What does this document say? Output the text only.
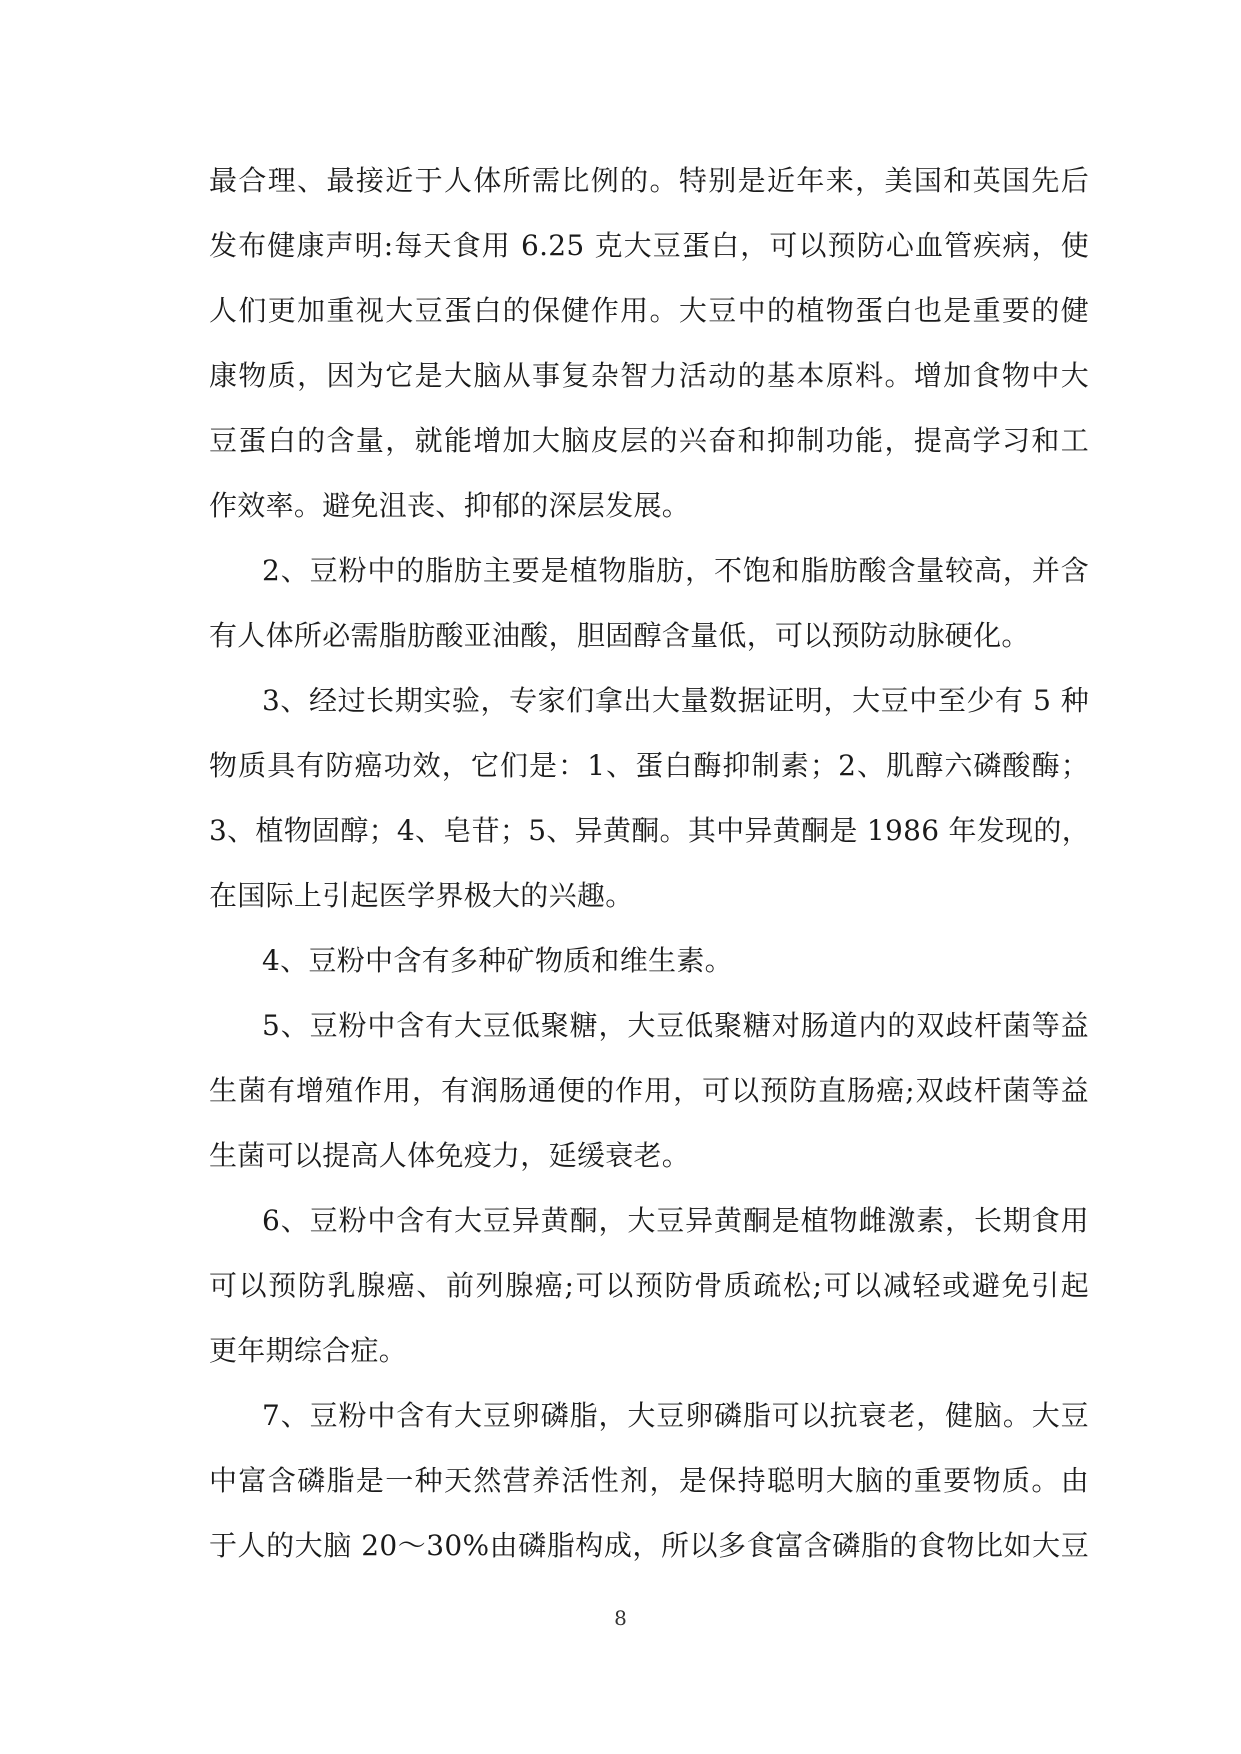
最合理、最接近于人体所需比例的。特别是近年来，美国和英国先后
发布健康声明:每天食用 6.25 克大豆蛋白，可以预防心血管疾病，使
人们更加重视大豆蛋白的保健作用。大豆中的植物蛋白也是重要的健
康物质，因为它是大脑从事复杂智力活动的基本原料。增加食物中大
豆蛋白的含量，就能增加大脑皮层的兴奋和抑制功能，提高学习和工
作效率。避免沮丧、抑郁的深层发展。
2、豆粉中的脂肪主要是植物脂肪，不饱和脂肪酸含量较高，并含
有人体所必需脂肪酸亚油酸，胆固醇含量低，可以预防动脉硬化。
3、经过长期实验，专家们拿出大量数据证明，大豆中至少有 5 种
物质具有防癌功效，它们是：1、蛋白酶抑制素；2、肌醇六磷酸酶；
3、植物固醇；4、皂苷；5、异黄酮。其中异黄酮是 1986 年发现的，
在国际上引起医学界极大的兴趣。
4、豆粉中含有多种矿物质和维生素。
5、豆粉中含有大豆低聚糖，大豆低聚糖对肠道内的双歧杆菌等益
生菌有增殖作用，有润肠通便的作用，可以预防直肠癌;双歧杆菌等益
生菌可以提高人体免疫力，延缓衰老。
6、豆粉中含有大豆异黄酮，大豆异黄酮是植物雌激素，长期食用
可以预防乳腺癌、前列腺癌;可以预防骨质疏松;可以减轻或避免引起
更年期综合症。
7、豆粉中含有大豆卵磷脂，大豆卵磷脂可以抗衰老，健脑。大豆
中富含磷脂是一种天然营养活性剂，是保持聪明大脑的重要物质。由
于人的大脑 20～30%由磷脂构成，所以多食富含磷脂的食物比如大豆
8
